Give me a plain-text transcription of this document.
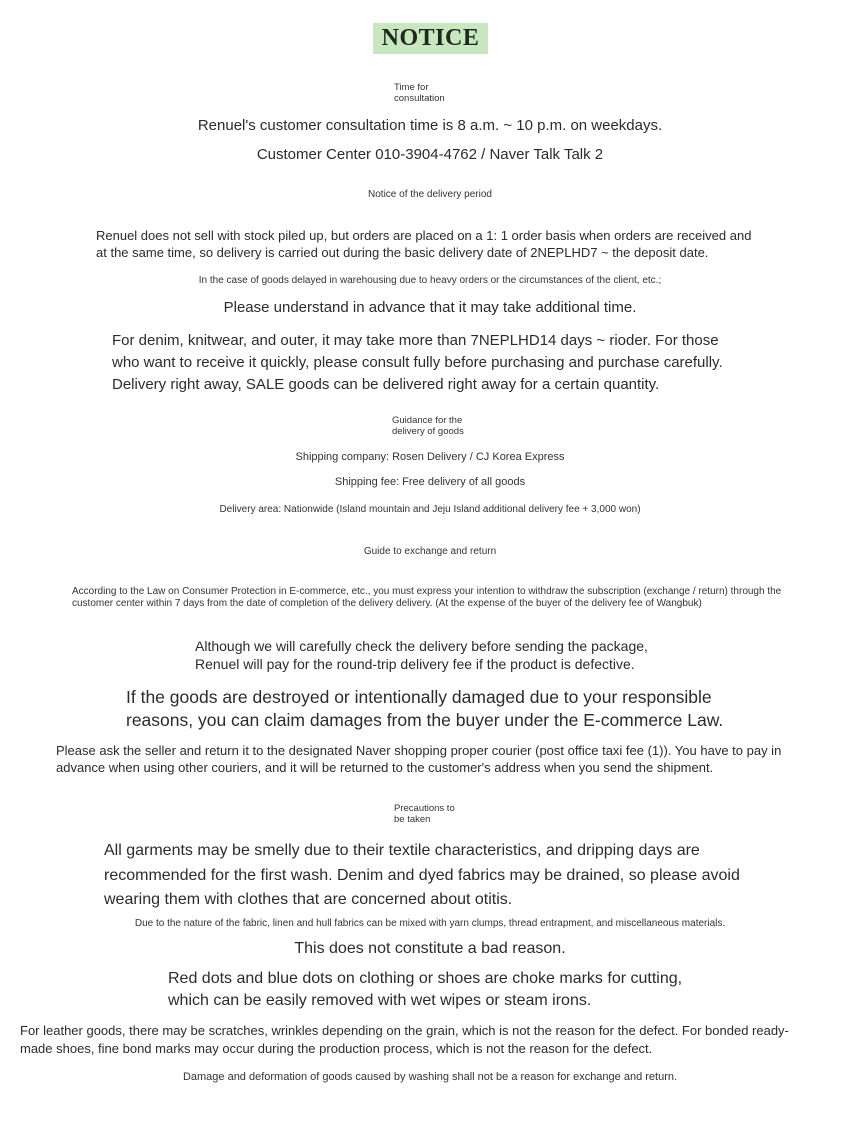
NOTICE
Time for consultation
Renuel's customer consultation time is 8 a.m. ~ 10 p.m. on weekdays.
Customer Center 010-3904-4762 / Naver Talk Talk 2
Notice of the delivery period
Renuel does not sell with stock piled up, but orders are placed on a 1: 1 order basis when orders are received and at the same time, so delivery is carried out during the basic delivery date of 2NEPLHD7 ~ the deposit date.
In the case of goods delayed in warehousing due to heavy orders or the circumstances of the client, etc.;
Please understand in advance that it may take additional time.
For denim, knitwear, and outer, it may take more than 7NEPLHD14 days ~ rioder. For those who want to receive it quickly, please consult fully before purchasing and purchase carefully. Delivery right away, SALE goods can be delivered right away for a certain quantity.
Guidance for the delivery of goods
Shipping company: Rosen Delivery / CJ Korea Express
Shipping fee: Free delivery of all goods
Delivery area: Nationwide (Island mountain and Jeju Island additional delivery fee + 3,000 won)
Guide to exchange and return
According to the Law on Consumer Protection in E-commerce, etc., you must express your intention to withdraw the subscription (exchange / return) through the customer center within 7 days from the date of completion of the delivery delivery. (At the expense of the buyer of the delivery fee of Wangbuk)
Although we will carefully check the delivery before sending the package, Renuel will pay for the round-trip delivery fee if the product is defective.
If the goods are destroyed or intentionally damaged due to your responsible reasons, you can claim damages from the buyer under the E-commerce Law.
Please ask the seller and return it to the designated Naver shopping proper courier (post office taxi fee (1)). You have to pay in advance when using other couriers, and it will be returned to the customer's address when you send the shipment.
Precautions to be taken
All garments may be smelly due to their textile characteristics, and dripping days are recommended for the first wash. Denim and dyed fabrics may be drained, so please avoid wearing them with clothes that are concerned about otitis.
Due to the nature of the fabric, linen and hull fabrics can be mixed with yarn clumps, thread entrapment, and miscellaneous materials.
This does not constitute a bad reason.
Red dots and blue dots on clothing or shoes are choke marks for cutting, which can be easily removed with wet wipes or steam irons.
For leather goods, there may be scratches, wrinkles depending on the grain, which is not the reason for the defect. For bonded ready-made shoes, fine bond marks may occur during the production process, which is not the reason for the defect.
Damage and deformation of goods caused by washing shall not be a reason for exchange and return.
